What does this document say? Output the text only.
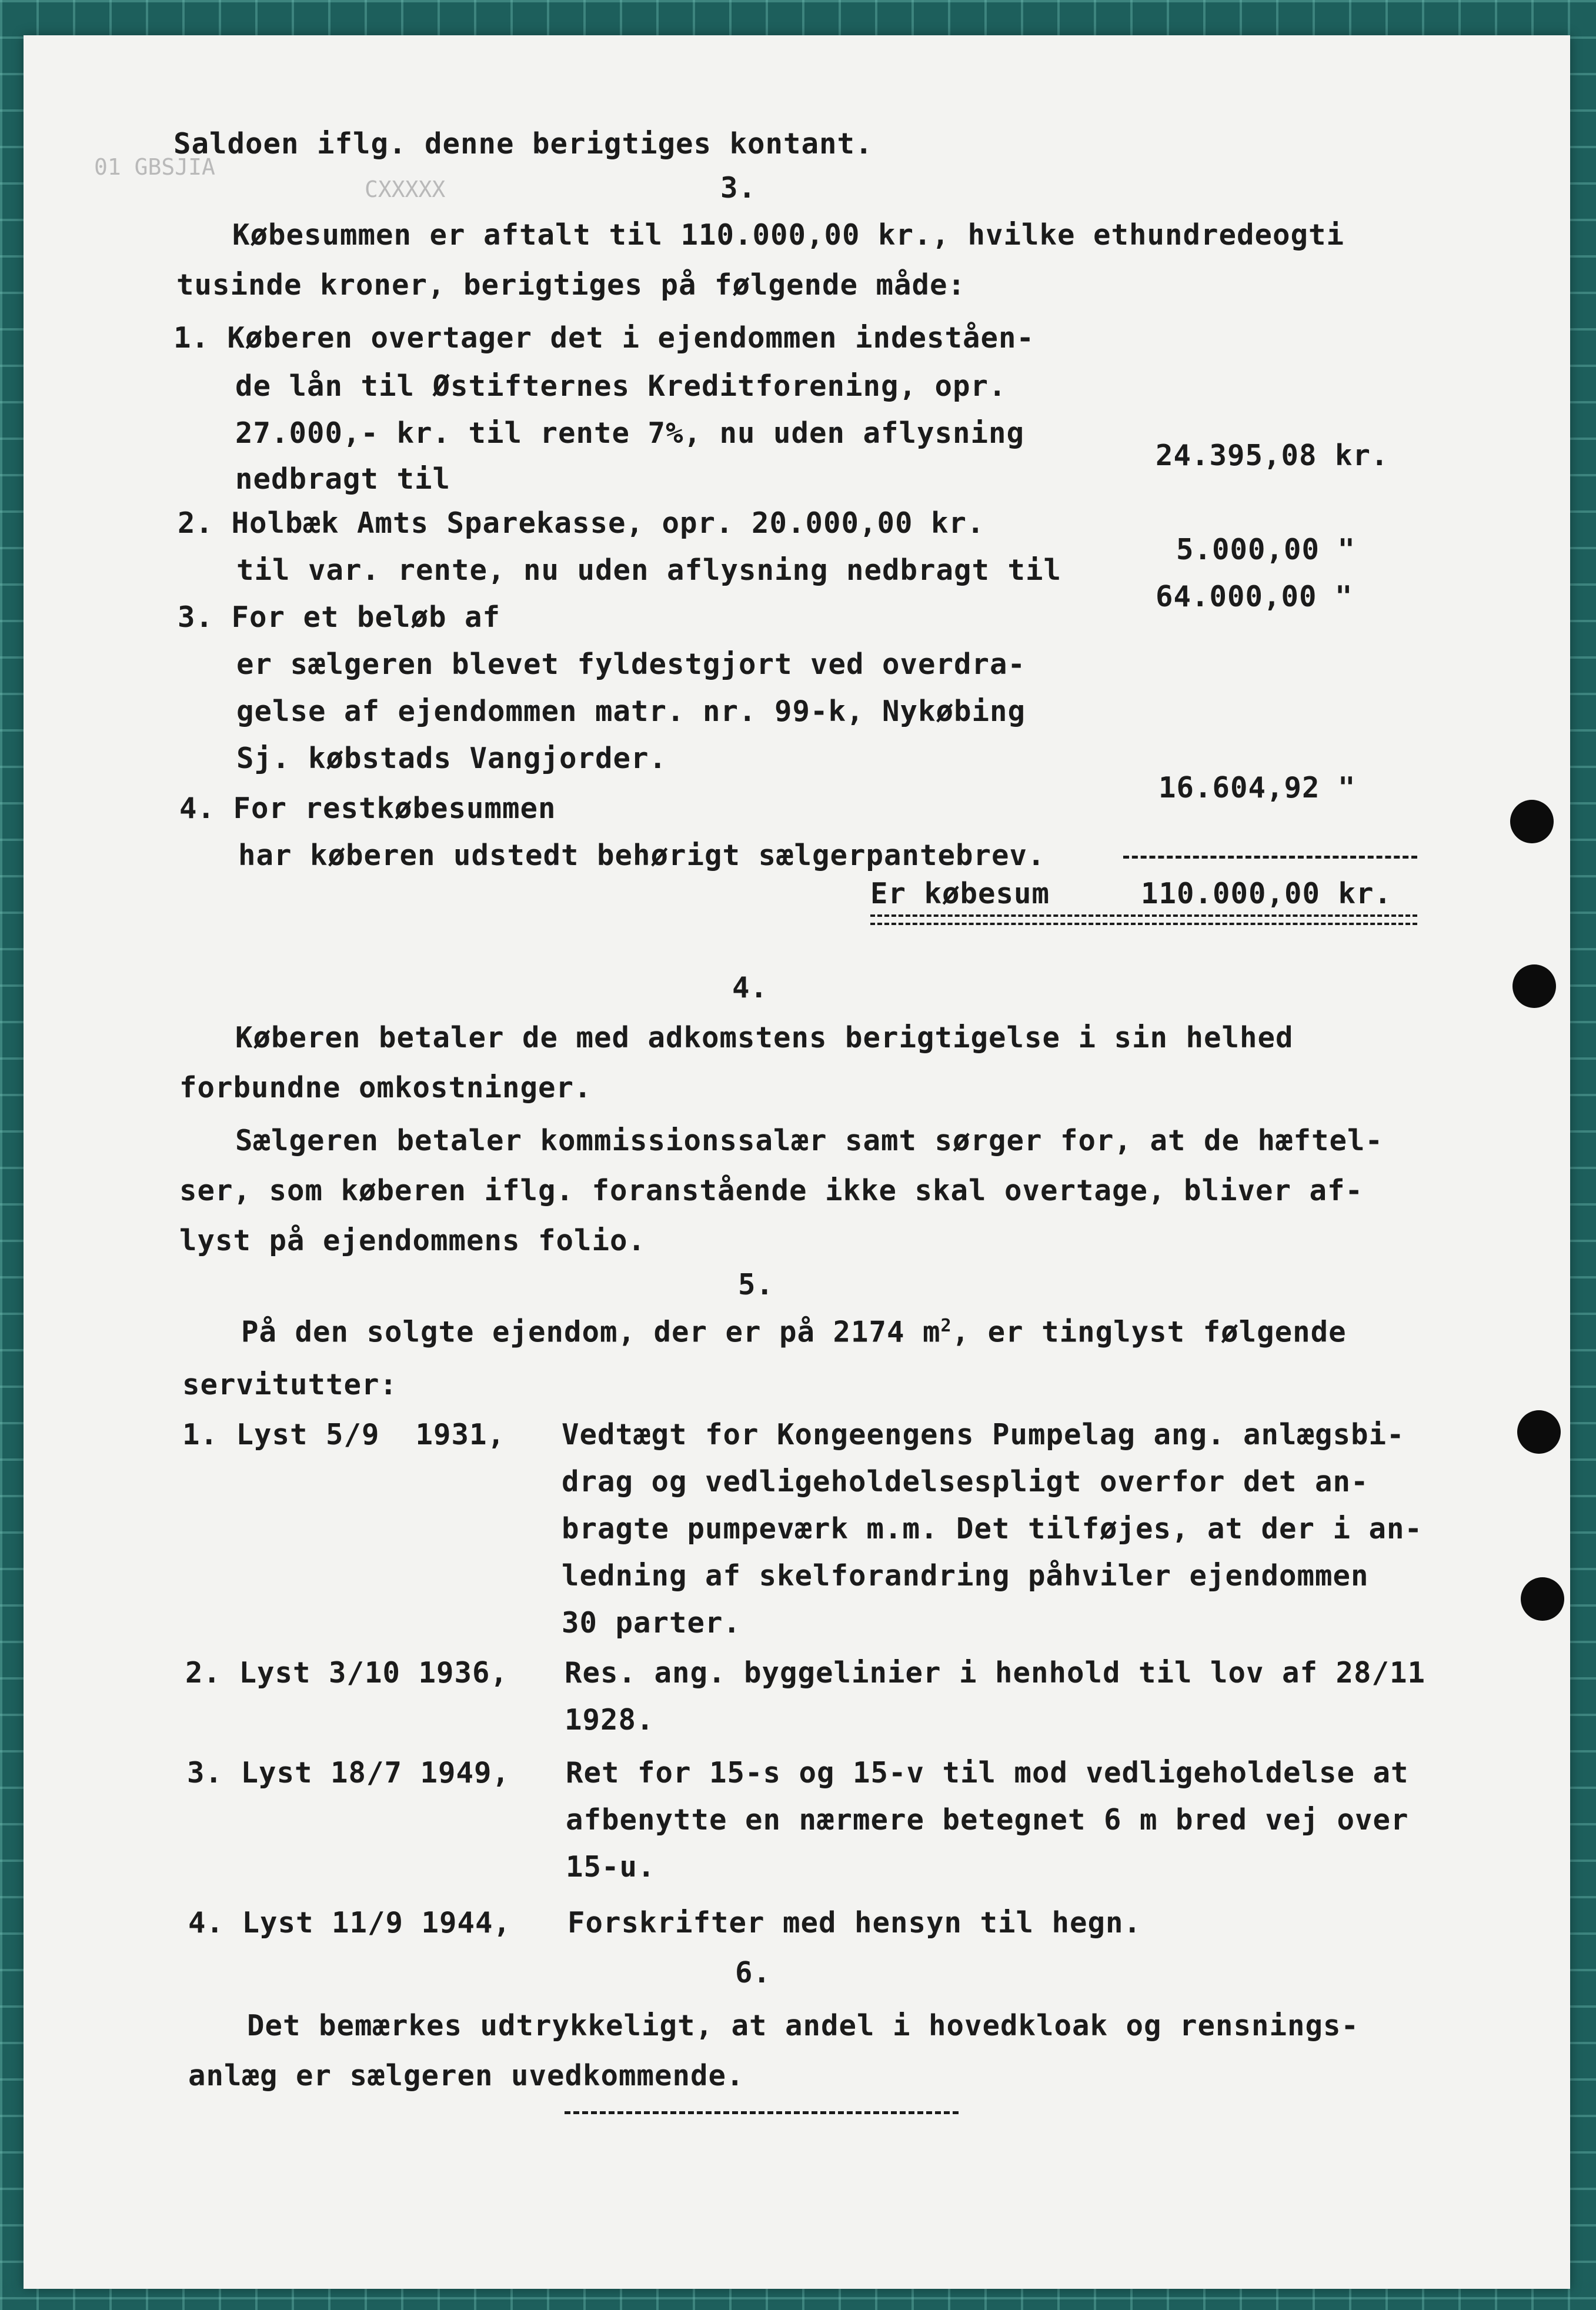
01 GBSJIA
CXXXXX
Saldoen iflg. denne berigtiges kontant.
3.
Købesummen er aftalt til 110.000,00 kr., hvilke ethundredeogti
tusinde kroner, berigtiges på følgende måde:
1. Køberen overtager det i ejendommen indeståen-
de lån til Østifternes Kreditforening, opr.
27.000,- kr. til rente 7%, nu uden aflysning
nedbragt til
24.395,08 kr.
2. Holbæk Amts Sparekasse, opr. 20.000,00 kr.
til var. rente, nu uden aflysning nedbragt til
5.000,00 "
3. For et beløb af
64.000,00 "
er sælgeren blevet fyldestgjort ved overdra-
gelse af ejendommen matr. nr. 99-k, Nykøbing
Sj. købstads Vangjorder.
4. For restkøbesummen
16.604,92 "
har køberen udstedt behørigt sælgerpantebrev.
Er købesum	110.000,00 kr.
4.
Køberen betaler de med adkomstens berigtigelse i sin helhed
forbundne omkostninger.
Sælgeren betaler kommissionssalær samt sørger for, at de hæftel-
ser, som køberen iflg. foranstående ikke skal overtage, bliver af-
lyst på ejendommens folio.
5.
På den solgte ejendom, der er på 2174 $m^2$, er tinglyst følgende
servitutter:
1. Lyst 5/9  1931, Vedtægt for Kongeengens Pumpelag ang. anlægsbi-
drag og vedligeholdelsespligt overfor det an-
bragte pumpeværk m.m. Det tilføjes, at der i an-
ledning af skelforandring påhviler ejendommen
30 parter.
2. Lyst 3/10 1936, Res. ang. byggelinier i henhold til lov af 28/11
1928.
3. Lyst 18/7 1949, Ret for 15-s og 15-v til mod vedligeholdelse at
afbenytte en nærmere betegnet 6 m bred vej over
15-u.
4. Lyst 11/9 1944, Forskrifter med hensyn til hegn.
6.
Det bemærkes udtrykkeligt, at andel i hovedkloak og rensnings-
anlæg er sælgeren uvedkommende.
